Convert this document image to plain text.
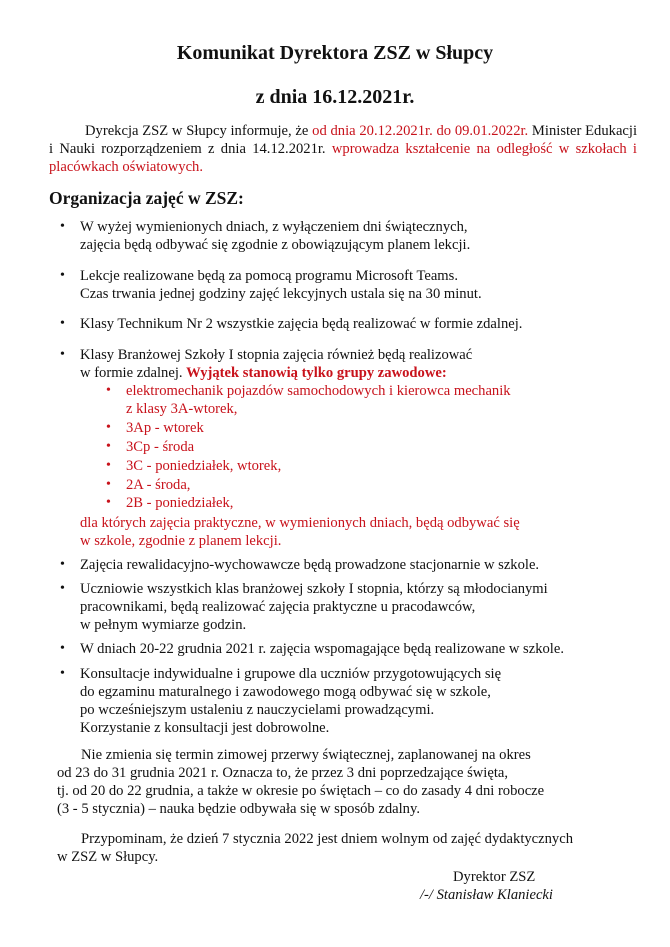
Komunikat Dyrektora ZSZ w Słupcy
z dnia 16.12.2021r.

Dyrekcja ZSZ w Słupcy informuje, że od dnia 20.12.2021r. do 09.01.2022r. Minister Edukacji i Nauki rozporządzeniem z dnia 14.12.2021r. wprowadza kształcenie na odległość w szkołach i placówkach oświatowych.

Organizacja zajęć w ZSZ:
• W wyżej wymienionych dniach, z wyłączeniem dni świątecznych,
zajęcia będą odbywać się zgodnie z obowiązującym planem lekcji.
• Lekcje realizowane będą za pomocą programu Microsoft Teams.
Czas trwania jednej godziny zajęć lekcyjnych ustala się na 30 minut.
• Klasy Technikum Nr 2 wszystkie zajęcia będą realizować w formie zdalnej.
• Klasy Branżowej Szkoły I stopnia zajęcia również będą realizować
w formie zdalnej. Wyjątek stanowią tylko grupy zawodowe:
• elektromechanik pojazdów samochodowych i kierowca mechanik
z klasy 3A-wtorek,
• 3Ap - wtorek
• 3Cp - środa
• 3C - poniedziałek, wtorek,
• 2A - środa,
• 2B - poniedziałek,
dla których zajęcia praktyczne, w wymienionych dniach, będą odbywać się
w szkole, zgodnie z planem lekcji.
• Zajęcia rewalidacyjno-wychowawcze będą prowadzone stacjonarnie w szkole.
• Uczniowie wszystkich klas branżowej szkoły I stopnia, którzy są młodocianymi
pracownikami, będą realizować zajęcia praktyczne u pracodawców,
w pełnym wymiarze godzin.
• W dniach 20-22 grudnia 2021 r. zajęcia wspomagające będą realizowane w szkole.
• Konsultacje indywidualne i grupowe dla uczniów przygotowujących się
do egzaminu maturalnego i zawodowego mogą odbywać się w szkole,
po wcześniejszym ustaleniu z nauczycielami prowadzącymi.
Korzystanie z konsultacji jest dobrowolne.
Nie zmienia się termin zimowej przerwy świątecznej, zaplanowanej na okres
od 23 do 31 grudnia 2021 r. Oznacza to, że przez 3 dni poprzedzające święta,
tj. od 20 do 22 grudnia, a także w okresie po świętach – co do zasady 4 dni robocze
(3 - 5 stycznia) – nauka będzie odbywała się w sposób zdalny.
Przypominam, że dzień 7 stycznia 2022 jest dniem wolnym od zajęć dydaktycznych
w ZSZ w Słupcy.
Dyrektor ZSZ
/-/ Stanisław Klaniecki
